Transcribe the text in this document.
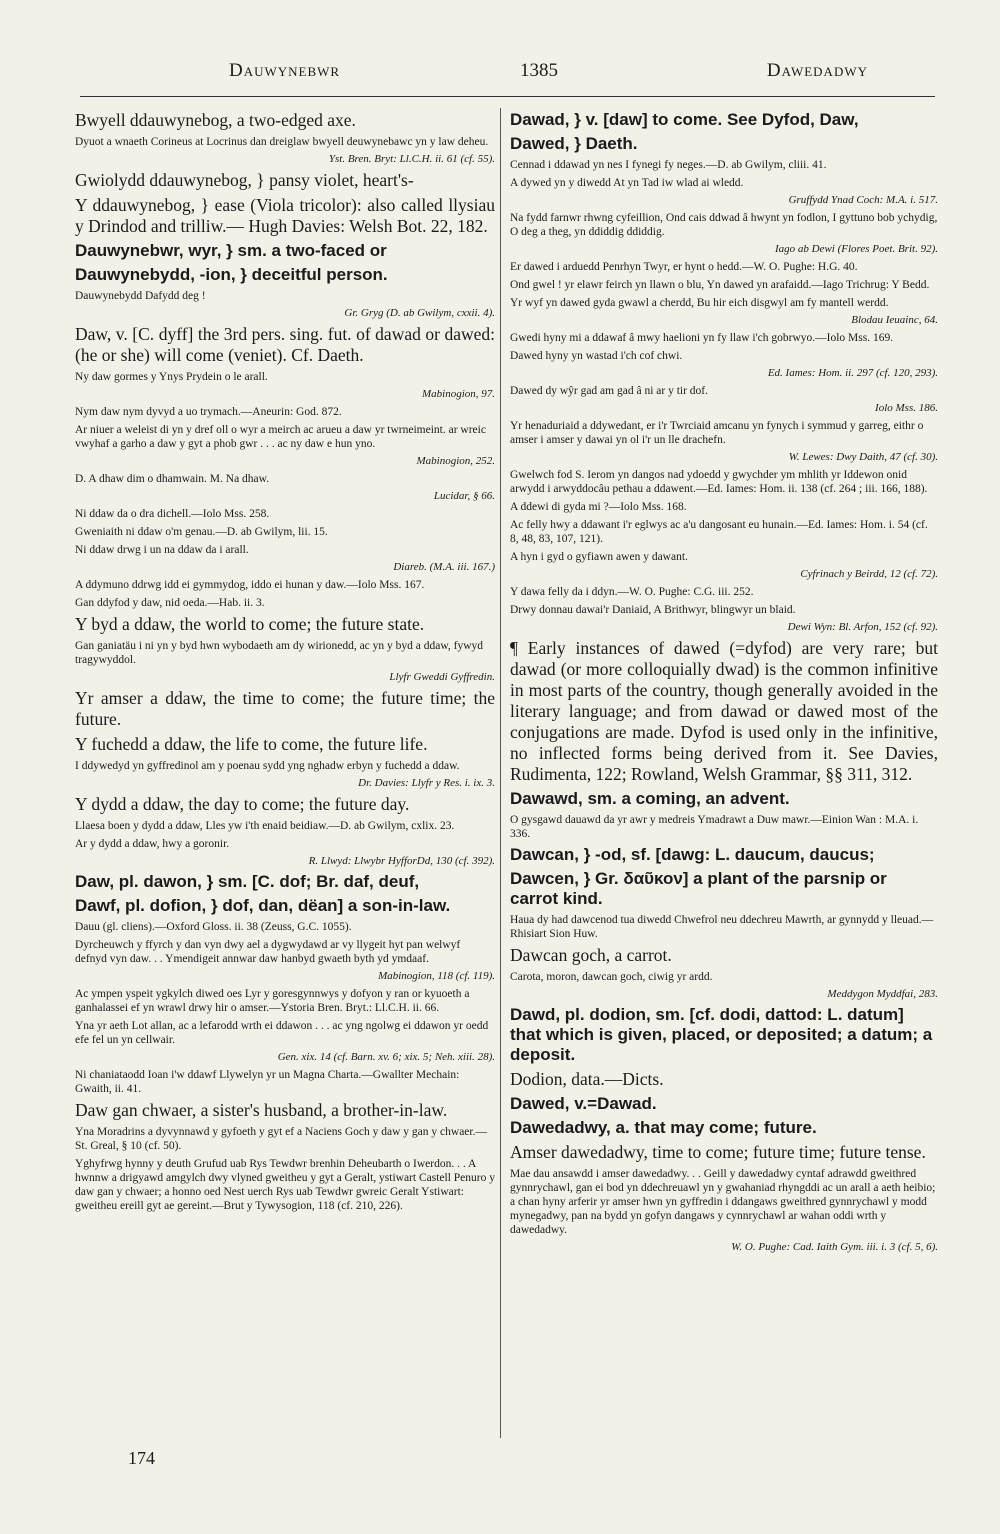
Dauwynebwr	1385	Dawedadwy
Bwyell ddauwynebog, a two-edged axe.
Dyuot a wnaeth Corineus at Locrinus dan dreiglaw bwyell deuwynebawc yn y law deheu.
Yst. Bren. Bryt: Ll.C.H. ii. 61 (cf. 55).
Gwiolydd ddauwynebog, } pansy violet, heart's-
Y ddauwynebog, } ease (Viola tricolor): also called llysiau y Drindod and trilliw.— Hugh Davies: Welsh Bot. 22, 182.
Dauwynebwr, wyr, } sm. a two-faced or
Dauwynebydd, -ion, } deceitful person.
Dauwynebydd Dafydd deg !
Gr. Gryg (D. ab Gwilym, cxxii. 4).
Daw, v. [C. dyff] the 3rd pers. sing. fut. of dawad or dawed: (he or she) will come (veniet). Cf. Daeth.
Ny daw gormes y Ynys Prydein o le arall.
Mabinogion, 97.
Nym daw nym dyvyd a uo trymach.—Aneurin: God. 872.
Ar niuer a weleist di yn y dref oll o wyr a meirch ac arueu a daw yr twrneimeint. ar wreic vwyhaf a garho a daw y gyt a phob gwr . . . ac ny daw e hun yno.
Mabinogion, 252.
D. A dhaw dim o dhamwain. M. Na dhaw.
Lucidar, § 66.
Ni ddaw da o dra dichell.—Iolo Mss. 258.
Gweniaith ni ddaw o'm genau.—D. ab Gwilym, lii. 15.
Ni ddaw drwg i un na ddaw da i arall.
Diareb. (M.A. iii. 167.)
A ddymuno ddrwg idd ei gymmydog, iddo ei hunan y daw.—Iolo Mss. 167.
Gan ddyfod y daw, nid oeda.—Hab. ii. 3.
Y byd a ddaw, the world to come; the future state.
Gan ganiatäu i ni yn y byd hwn wybodaeth am dy wirionedd, ac yn y byd a ddaw, fywyd tragywyddol.
Llyfr Gweddi Gyffredin.
Yr amser a ddaw, the time to come; the future time; the future.
Y fuchedd a ddaw, the life to come, the future life.
I ddywedyd yn gyffredinol am y poenau sydd yng nghadw erbyn y fuchedd a ddaw.
Dr. Davies: Llyfr y Res. i. ix. 3.
Y dydd a ddaw, the day to come; the future day.
Llaesa boen y dydd a ddaw, Lles yw i'th enaid beidiaw.—D. ab Gwilym, cxlix. 23.
Ar y dydd a ddaw, hwy a goronir.
R. Llwyd: Llwybr HyfforDd, 130 (cf. 392).
Daw, pl. dawon, } sm. [C. dof; Br. daf, deuf,
Dawf, pl. dofion, } dof, dan, dëan] a son-in-law.
Dauu (gl. cliens).—Oxford Gloss. ii. 38 (Zeuss, G.C. 1055).
Dyrcheuwch y ffyrch y dan vyn dwy ael a dygwydawd ar vy llygeit hyt pan welwyf defnyd vyn daw. . . Ymendigeit annwar daw hanbyd gwaeth byth yd ymdaaf.
Mabinogion, 118 (cf. 119).
Ac ympen yspeit ygkylch diwed oes Lyr y goresgynnwys y dofyon y ran or kyuoeth a ganhalassei ef yn wrawl drwy hir o amser.—Ystoria Bren. Bryt.: Ll.C.H. ii. 66.
Yna yr aeth Lot allan, ac a lefarodd wrth ei ddawon . . . ac yng ngolwg ei ddawon yr oedd efe fel un yn cellwair.
Gen. xix. 14 (cf. Barn. xv. 6; xix. 5; Neh. xiii. 28).
Ni chaniataodd Ioan i'w ddawf Llywelyn yr un Magna Charta.—Gwallter Mechain: Gwaith, ii. 41.
Daw gan chwaer, a sister's husband, a brother-in-law.
Yna Moradrins a dyvynnawd y gyfoeth y gyt ef a Naciens Goch y daw y gan y chwaer.—St. Greal, § 10 (cf. 50).
Yghyfrwg hynny y deuth Grufud uab Rys Tewdwr brenhin Deheubarth o Iwerdon. . . A hwnnw a drigyawd amgylch dwy vlyned gweitheu y gyt a Geralt, ystiwart Castell Penuro y daw gan y chwaer; a honno oed Nest uerch Rys uab Tewdwr gwreic Geralt Ystiwart: gweitheu ereill gyt ae gereint.—Brut y Tywysogion, 118 (cf. 210, 226).
Dawad, } v. [daw] to come. See Dyfod, Daw,
Dawed, } Daeth.
Cennad i ddawad yn nes I fynegi fy neges.—D. ab Gwilym, cliii. 41.
A dywed yn y diwedd At yn Tad iw wlad ai wledd.
Gruffydd Ynad Coch: M.A. i. 517.
Na fydd farnwr rhwng cyfeillion, Ond cais ddwad â hwynt yn fodlon, I gyttuno bob ychydig, O deg a theg, yn ddiddig ddiddig.
Iago ab Dewi (Flores Poet. Brit. 92).
Er dawed i arduedd Penrhyn Twyr, er hynt o hedd.—W. O. Pughe: H.G. 40.
Ond gwel ! yr elawr feirch yn llawn o blu, Yn dawed yn arafaidd.—Iago Trichrug: Y Bedd.
Yr wyf yn dawed gyda gwawl a cherdd, Bu hir eich disgwyl am fy mantell werdd.
Blodau Ieuainc, 64.
Gwedi hyny mi a ddawaf â mwy haelioni yn fy llaw i'ch gobrwyo.—Iolo Mss. 169.
Dawed hyny yn wastad i'ch cof chwi.
Ed. Iames: Hom. ii. 297 (cf. 120, 293).
Dawed dy wŷr gad am gad â ni ar y tir dof.
Iolo Mss. 186.
Yr henaduriaid a ddywedant, er i'r Twrciaid amcanu yn fynych i symmud y garreg, eithr o amser i amser y dawai yn ol i'r un lle drachefn.
W. Lewes: Dwy Daith, 47 (cf. 30).
Gwelwch fod S. Ierom yn dangos nad ydoedd y gwychder ym mhlith yr Iddewon onid arwydd i arwyddocâu pethau a ddawent.—Ed. Iames: Hom. ii. 138 (cf. 264 ; iii. 166, 188).
A ddewi di gyda mi ?—Iolo Mss. 168.
Ac felly hwy a ddawant i'r eglwys ac a'u dangosant eu hunain.—Ed. Iames: Hom. i. 54 (cf. 8, 48, 83, 107, 121).
A hyn i gyd o gyfiawn awen y dawant.
Cyfrinach y Beirdd, 12 (cf. 72).
Y dawa felly da i ddyn.—W. O. Pughe: C.G. iii. 252.
Drwy donnau dawai'r Daniaid, A Brithwyr, blingwyr un blaid.
Dewi Wyn: Bl. Arfon, 152 (cf. 92).
¶ Early instances of dawed (=dyfod) are very rare; but dawad (or more colloquially dwad) is the common infinitive in most parts of the country, though generally avoided in the literary language; and from dawad or dawed most of the conjugations are made. Dyfod is used only in the infinitive, no inflected forms being derived from it. See Davies, Rudimenta, 122; Rowland, Welsh Grammar, §§ 311, 312.
Dawawd, sm. a coming, an advent.
O gysgawd dauawd da yr awr y medreis Ymadrawt a Duw mawr.—Einion Wan : M.A. i. 336.
Dawcan, } -od, sf. [dawg: L. daucum, daucus;
Dawcen, } Gr. δαῦκον] a plant of the parsnip or carrot kind.
Haua dy had dawcenod tua diwedd Chwefrol neu ddechreu Mawrth, ar gynnydd y lleuad.—Rhisiart Sion Huw.
Dawcan goch, a carrot.
Carota, moron, dawcan goch, ciwig yr ardd.
Meddygon Myddfai, 283.
Dawd, pl. dodion, sm. [cf. dodi, dattod: L. datum] that which is given, placed, or deposited; a datum; a deposit.
Dodion, data.—Dicts.
Dawed, v.=Dawad.
Dawedadwy, a. that may come; future.
Amser dawedadwy, time to come; future time; future tense.
Mae dau ansawdd i amser dawedadwy. . . Geill y dawedadwy cyntaf adrawdd gweithred gynnrychawl, gan ei bod yn ddechreuawl yn y gwahaniad rhyngddi ac un arall a aeth heibio; a chan hyny arferir yr amser hwn yn gyffredin i ddangaws gweithred gynnrychawl y modd mynegadwy, pan na bydd yn gofyn dangaws y cynnrychawl ar wahan oddi wrth y dawedadwy.
W. O. Pughe: Cad. Iaith Gym. iii. i. 3 (cf. 5, 6).
174
